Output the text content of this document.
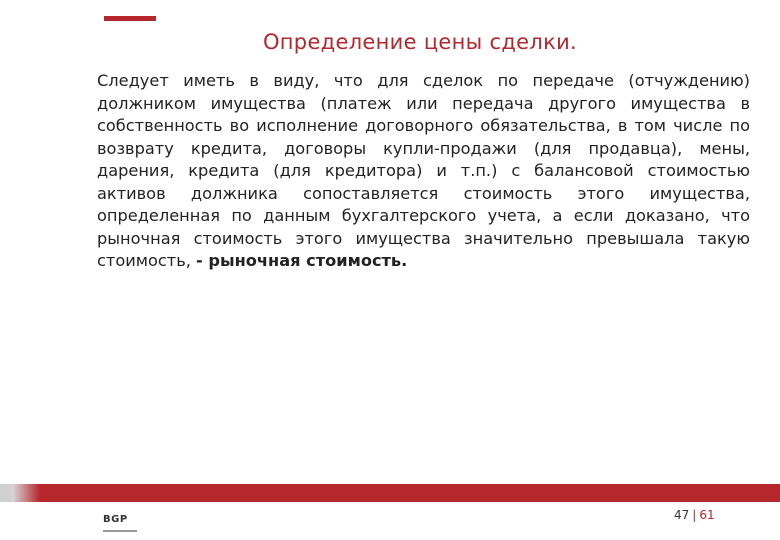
Определение цены сделки.
Следует иметь в виду, что для сделок по передаче (отчуждению) должником имущества (платеж или передача другого имущества в собственность во исполнение договорного обязательства, в том числе по возврату кредита, договоры купли-продажи (для продавца), мены, дарения, кредита (для кредитора) и т.п.) с балансовой стоимостью активов должника сопоставляется стоимость этого имущества, определенная по данным бухгалтерского учета, а если доказано, что рыночная стоимость этого имущества значительно превышала такую стоимость, - рыночная стоимость.
BGP	47 | 61
